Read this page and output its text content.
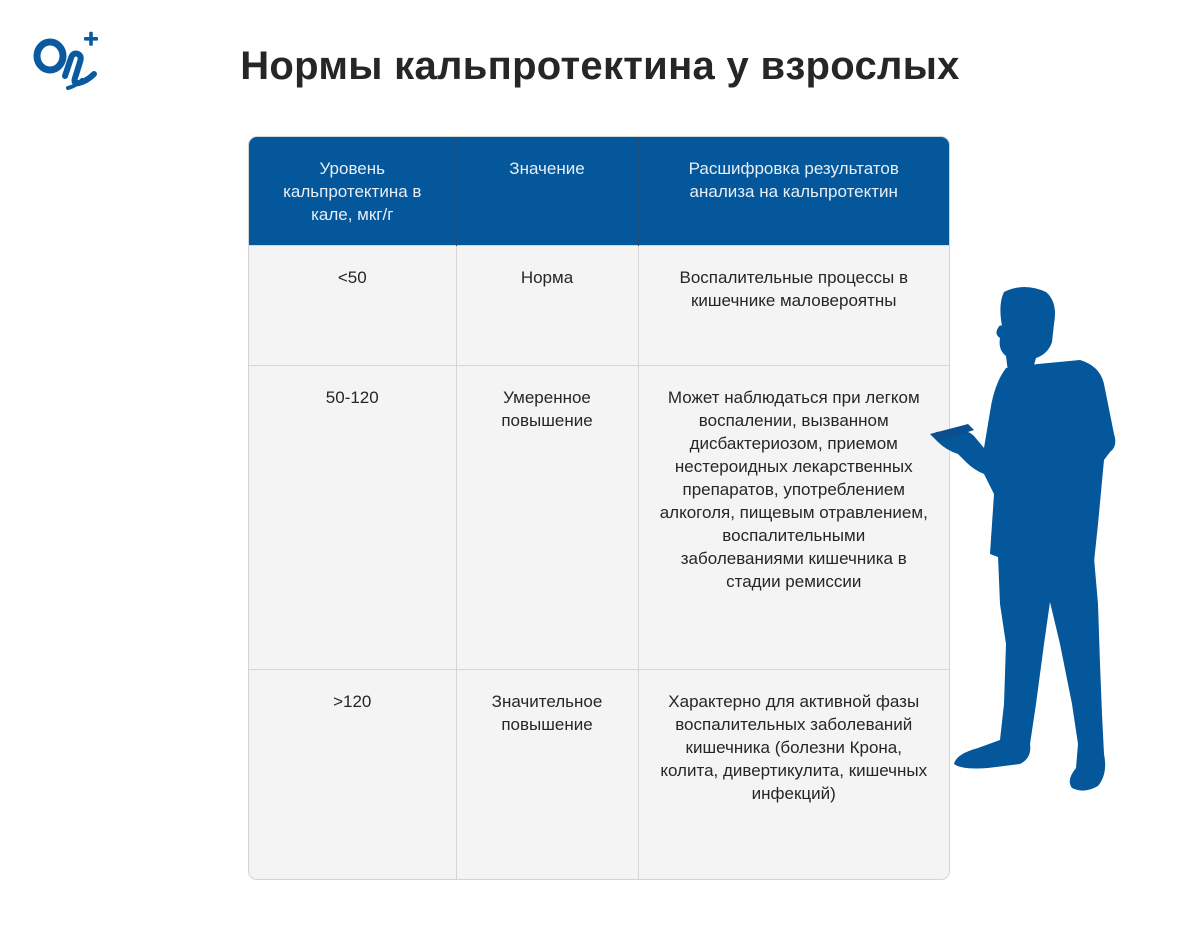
Нормы кальпротектина у взрослых
Уровень кальпротектина в кале, мкг/г	Значение	Расшифровка результатов анализа на кальпротектин
<50	Норма	Воспалительные процессы в кишечнике маловероятны
50-120	Умеренное повышение	Может наблюдаться при легком воспалении, вызванном дисбактериозом, приемом нестероидных лекарственных препаратов, употреблением алкоголя, пищевым отравлением, воспалительными заболеваниями кишечника в стадии ремиссии
>120	Значительное повышение	Характерно для активной фазы воспалительных заболеваний кишечника (болезни Крона, колита, дивертикулита, кишечных инфекций)
